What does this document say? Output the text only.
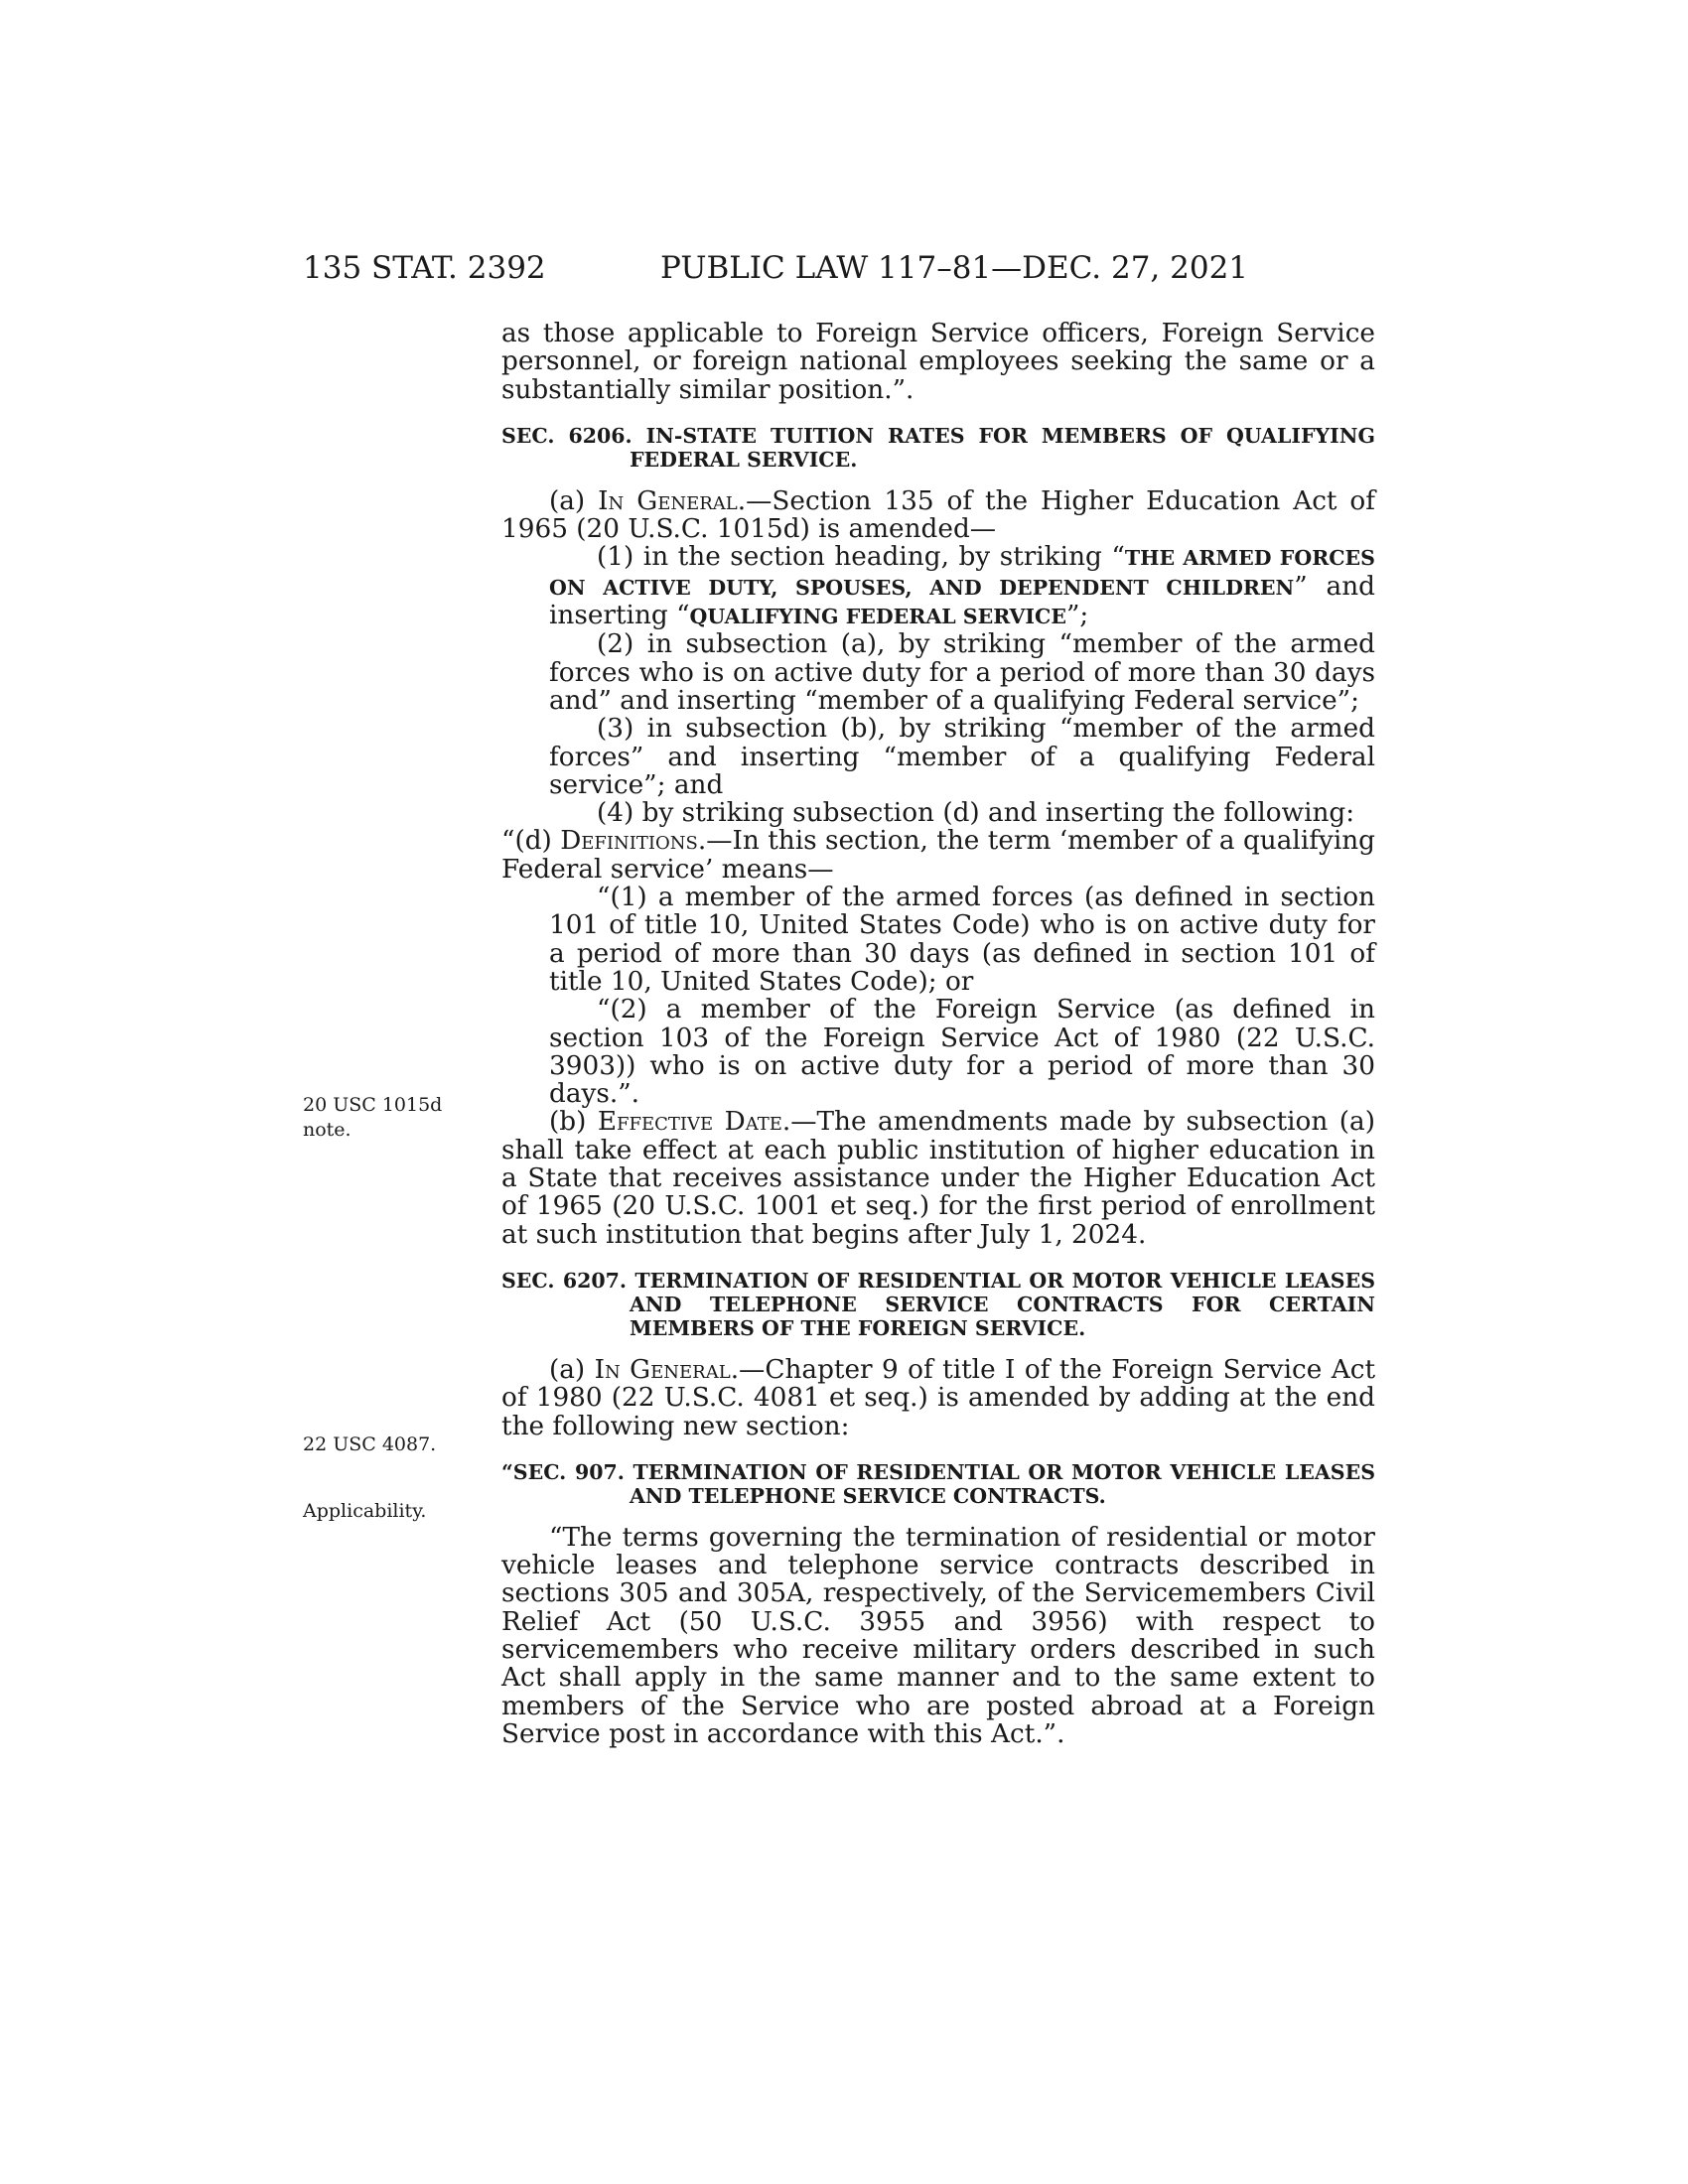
135 STAT. 2392	PUBLIC LAW 117–81—DEC. 27, 2021
20 USC 1015d
note.
22 USC 4087.
Applicability.

as those applicable to Foreign Service officers, Foreign Service personnel, or foreign national employees seeking the same or a substantially similar position.”.

SEC. 6206. IN-STATE TUITION RATES FOR MEMBERS OF QUALIFYING FEDERAL SERVICE.

(a) In General.—Section 135 of the Higher Education Act of 1965 (20 U.S.C. 1015d) is amended—

(1) in the section heading, by striking “THE ARMED FORCES ON ACTIVE DUTY, SPOUSES, AND DEPENDENT CHILDREN” and inserting “QUALIFYING FEDERAL SERVICE”;

(2) in subsection (a), by striking “member of the armed forces who is on active duty for a period of more than 30 days and” and inserting “member of a qualifying Federal service”;

(3) in subsection (b), by striking “member of the armed forces” and inserting “member of a qualifying Federal service”; and

(4) by striking subsection (d) and inserting the following:

“(d) Definitions.—In this section, the term ‘member of a qualifying Federal service’ means—

“(1) a member of the armed forces (as defined in section 101 of title 10, United States Code) who is on active duty for a period of more than 30 days (as defined in section 101 of title 10, United States Code); or

“(2) a member of the Foreign Service (as defined in section 103 of the Foreign Service Act of 1980 (22 U.S.C. 3903)) who is on active duty for a period of more than 30 days.”.

(b) Effective Date.—The amendments made by subsection (a) shall take effect at each public institution of higher education in a State that receives assistance under the Higher Education Act of 1965 (20 U.S.C. 1001 et seq.) for the first period of enrollment at such institution that begins after July 1, 2024.

SEC. 6207. TERMINATION OF RESIDENTIAL OR MOTOR VEHICLE LEASES AND TELEPHONE SERVICE CONTRACTS FOR CERTAIN MEMBERS OF THE FOREIGN SERVICE.

(a) In General.—Chapter 9 of title I of the Foreign Service Act of 1980 (22 U.S.C. 4081 et seq.) is amended by adding at the end the following new section:

“SEC. 907. TERMINATION OF RESIDENTIAL OR MOTOR VEHICLE LEASES AND TELEPHONE SERVICE CONTRACTS.

“The terms governing the termination of residential or motor vehicle leases and telephone service contracts described in sections 305 and 305A, respectively, of the Servicemembers Civil Relief Act (50 U.S.C. 3955 and 3956) with respect to servicemembers who receive military orders described in such Act shall apply in the same manner and to the same extent to members of the Service who are posted abroad at a Foreign Service post in accordance with this Act.”.
